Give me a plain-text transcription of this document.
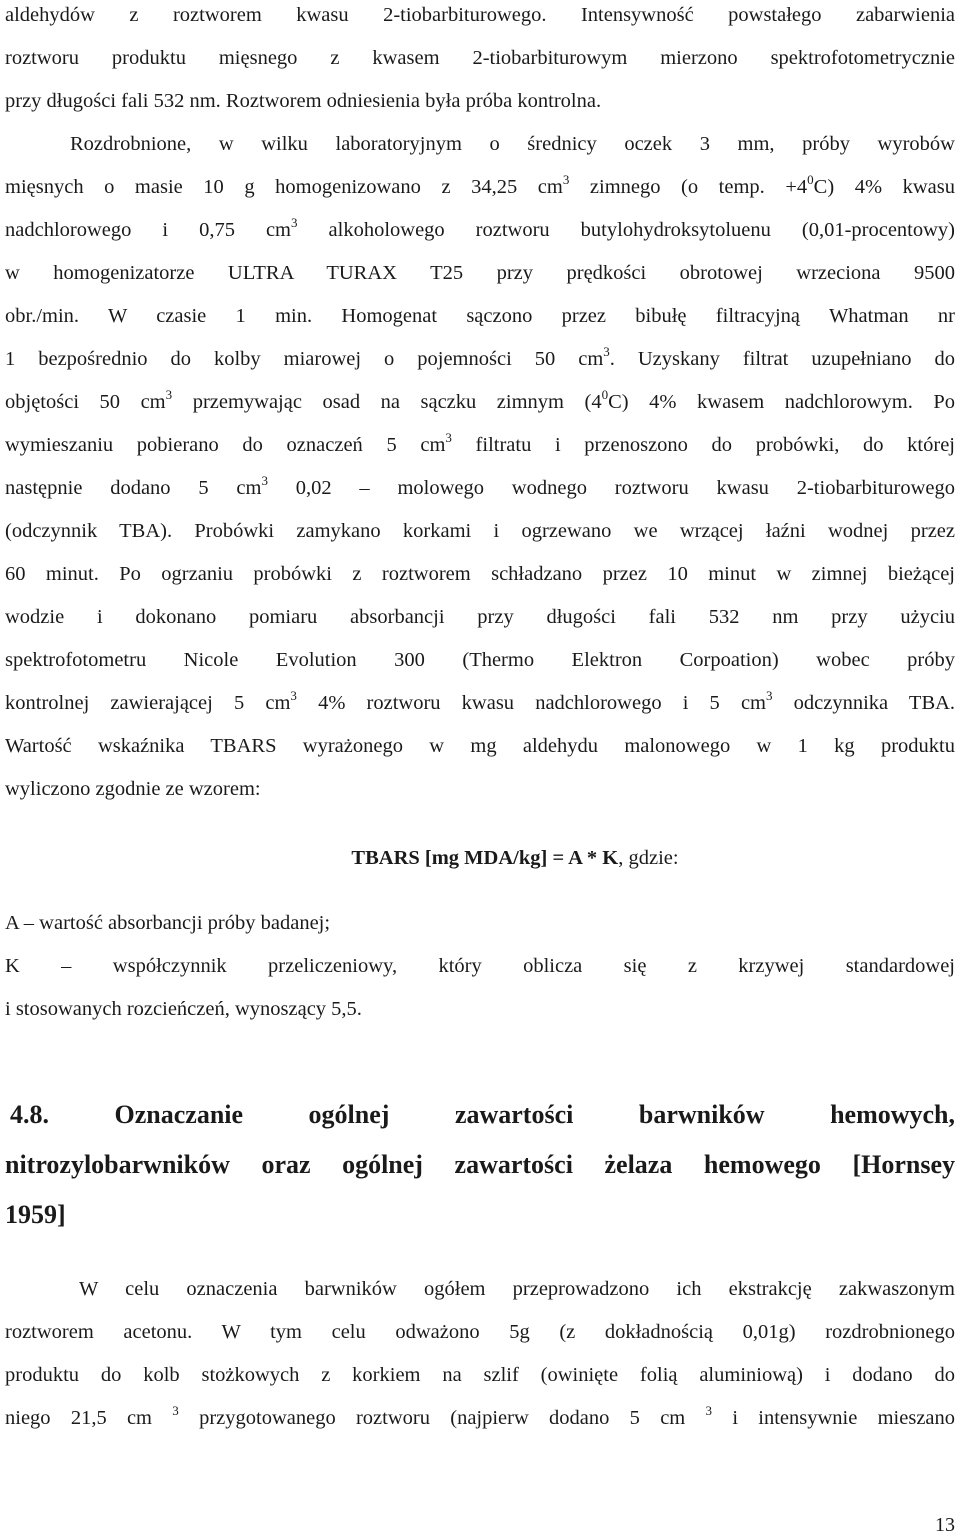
aldehydów z roztworem kwasu 2-tiobarbiturowego. Intensywność powstałego zabarwienia
roztworu produktu mięsnego z kwasem 2-tiobarbiturowym mierzono spektrofotometrycznie
przy długości fali 532 nm. Roztworem odniesienia była próba kontrolna.
Rozdrobnione, w wilku laboratoryjnym o średnicy oczek 3 mm, próby wyrobów
mięsnych o masie 10 g homogenizowano z 34,25 $cm^3$ zimnego (o temp. $+4^0C$) 4% kwasu
nadchlorowego i 0,75 $cm^3$ alkoholowego roztworu butylohydroksytoluenu (0,01-procentowy)
w homogenizatorze ULTRA TURAX T25 przy prędkości obrotowej wrzeciona 9500
obr./min. W czasie 1 min. Homogenat sączono przez bibułę filtracyjną Whatman nr
1 bezpośrednio do kolby miarowej o pojemności 50 $cm^3$. Uzyskany filtrat uzupełniano do
objętości 50 $cm^3$ przemywając osad na sączku zimnym $(4^0C)$ 4% kwasem nadchlorowym. Po
wymieszaniu pobierano do oznaczeń 5 $cm^3$ filtratu i przenoszono do probówki, do której
następnie dodano 5 $cm^3$ 0,02 – molowego wodnego roztworu kwasu 2-tiobarbiturowego
(odczynnik TBA). Probówki zamykano korkami i ogrzewano we wrzącej łaźni wodnej przez
60 minut. Po ogrzaniu probówki z roztworem schładzano przez 10 minut w zimnej bieżącej
wodzie i dokonano pomiaru absorbancji przy długości fali 532 nm przy użyciu
spektrofotometru Nicole Evolution 300 (Thermo Elektron Corpoation) wobec próby
kontrolnej zawierającej 5 $cm^3$ 4% roztworu kwasu nadchlorowego i 5 $cm^3$ odczynnika TBA.
Wartość wskaźnika TBARS wyrażonego w mg aldehydu malonowego w 1 kg produktu
wyliczono zgodnie ze wzorem:
TBARS [mg MDA/kg] = A * K, gdzie:
A – wartość absorbancji próby badanej;
K – współczynnik przeliczeniowy, który oblicza się z krzywej standardowej
i stosowanych rozcieńczeń, wynoszący 5,5.
4.8. Oznaczanie ogólnej zawartości barwników hemowych,
nitrozylobarwników oraz ogólnej zawartości żelaza hemowego [Hornsey
1959]
W celu oznaczenia barwników ogółem przeprowadzono ich ekstrakcję zakwaszonym
roztworem acetonu. W tym celu odważono 5g (z dokładnością 0,01g) rozdrobnionego
produktu do kolb stożkowych z korkiem na szlif (owinięte folią aluminiową) i dodano do
niego 21,5 cm $^3$ przygotowanego roztworu (najpierw dodano 5 cm $^3$ i intensywnie mieszano
13
